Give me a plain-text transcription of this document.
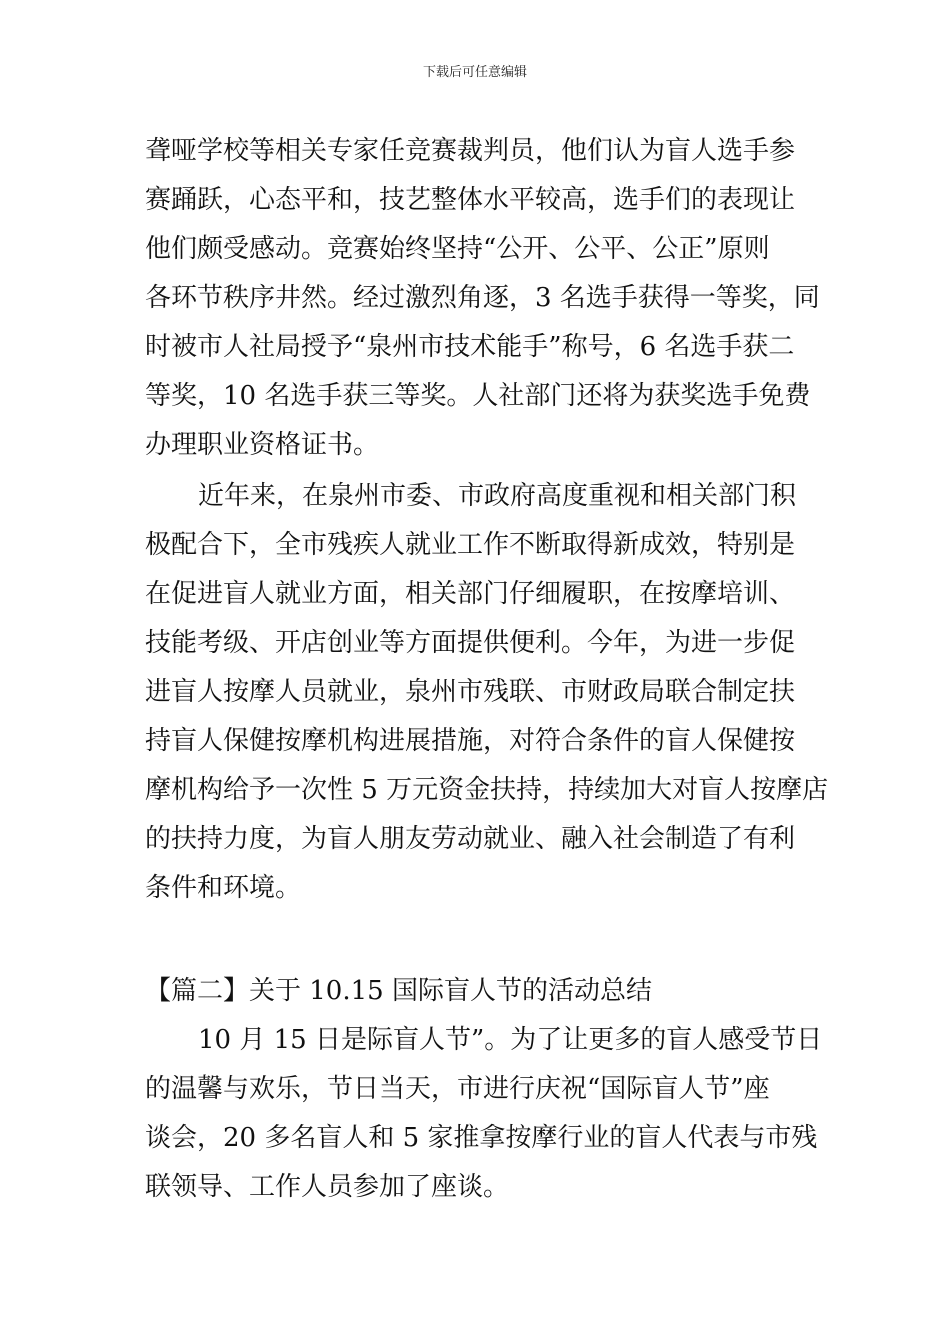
下载后可任意编辑
聋哑学校等相关专家任竞赛裁判员，他们认为盲人选手参
赛踊跃，心态平和，技艺整体水平较高，选手们的表现让
他们颇受感动。竞赛始终坚持“公开、公平、公正”原则
各环节秩序井然。经过激烈角逐，3 名选手获得一等奖，同
时被市人社局授予“泉州市技术能手”称号，6 名选手获二
等奖，10 名选手获三等奖。人社部门还将为获奖选手免费
办理职业资格证书。
近年来，在泉州市委、市政府高度重视和相关部门积
极配合下，全市残疾人就业工作不断取得新成效，特别是
在促进盲人就业方面，相关部门仔细履职，在按摩培训、
技能考级、开店创业等方面提供便利。今年，为进一步促
进盲人按摩人员就业，泉州市残联、市财政局联合制定扶
持盲人保健按摩机构进展措施，对符合条件的盲人保健按
摩机构给予一次性 5 万元资金扶持，持续加大对盲人按摩店
的扶持力度，为盲人朋友劳动就业、融入社会制造了有利
条件和环境。
【篇二】关于 10.15 国际盲人节的活动总结
10 月 15 日是际盲人节”。为了让更多的盲人感受节日
的温馨与欢乐，节日当天，市进行庆祝“国际盲人节”座
谈会，20 多名盲人和 5 家推拿按摩行业的盲人代表与市残
联领导、工作人员参加了座谈。
